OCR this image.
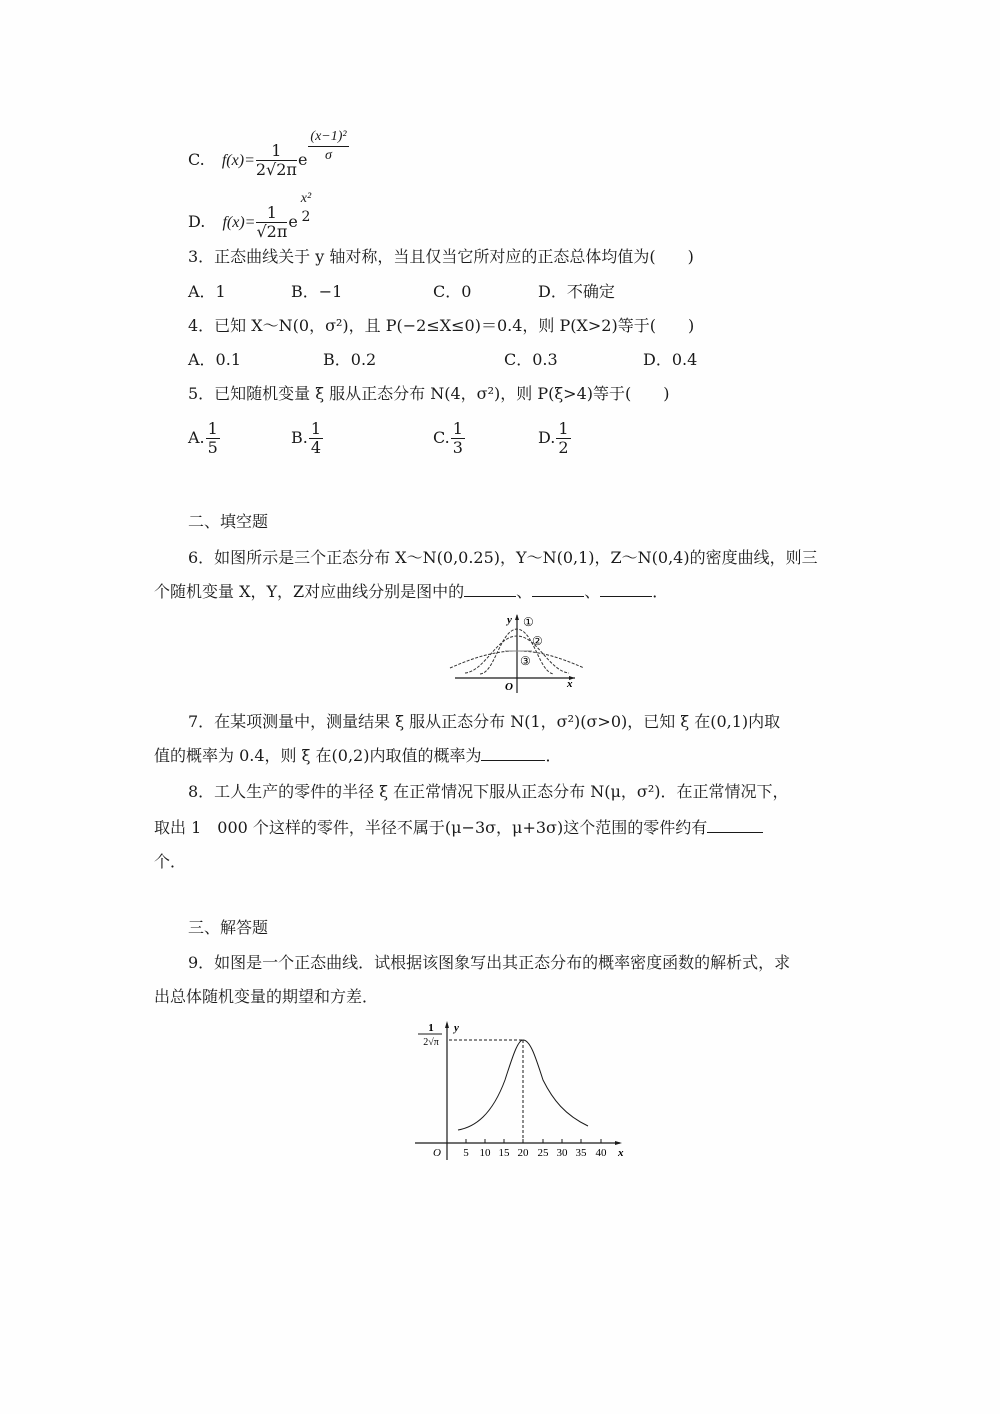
C. $f(x)= \frac{1}{2√2\pi}$ e $\frac{\text{(x−1)²}}{\sigma}$
D. $f(x)= \frac{1}{√2\pi}$ e
x²
2
3．正态曲线关于 y 轴对称，当且仅当它所对应的正态总体均值为(　　)
A．1	B．−1	C．0	D．不确定
4．已知 X～N(0，σ²)，且 P(−2≤X≤0)＝0.4，则 P(X>2)等于(　　)
A．0.1	B．0.2	C．0.3	D．0.4
5．已知随机变量 ξ 服从正态分布 N(4，σ²)，则 P(ξ>4)等于(　　)
A. $\frac{1}{5}$	B. $\frac{1}{4}$	C. $\frac{1}{3}$	D. $\frac{1}{2}$
二、填空题
6．如图所示是三个正态分布 X～N(0,0.25)，Y～N(0,1)，Z～N(0,4)的密度曲线，则三
个随机变量 X，Y，Z对应曲线分别是图中的	、	、	．
y ①
②
③
O	x
7．在某项测量中，测量结果 ξ 服从正态分布 N(1，σ²)(σ>0)，已知 ξ 在(0,1)内取
值的概率为 0.4，则 ξ 在(0,2)内取值的概率为	．
8．工人生产的零件的半径 ξ 在正常情况下服从正态分布 N(μ，σ²)．在正常情况下，
取出 1　000 个这样的零件，半径不属于(μ−3σ，μ+3σ)这个范围的零件约有
个．
三、解答题
9．如图是一个正态曲线．试根据该图象写出其正态分布的概率密度函数的解析式，求
出总体随机变量的期望和方差．
1
2√π
y
O 5 10 15 20 25 30 35 40 x
